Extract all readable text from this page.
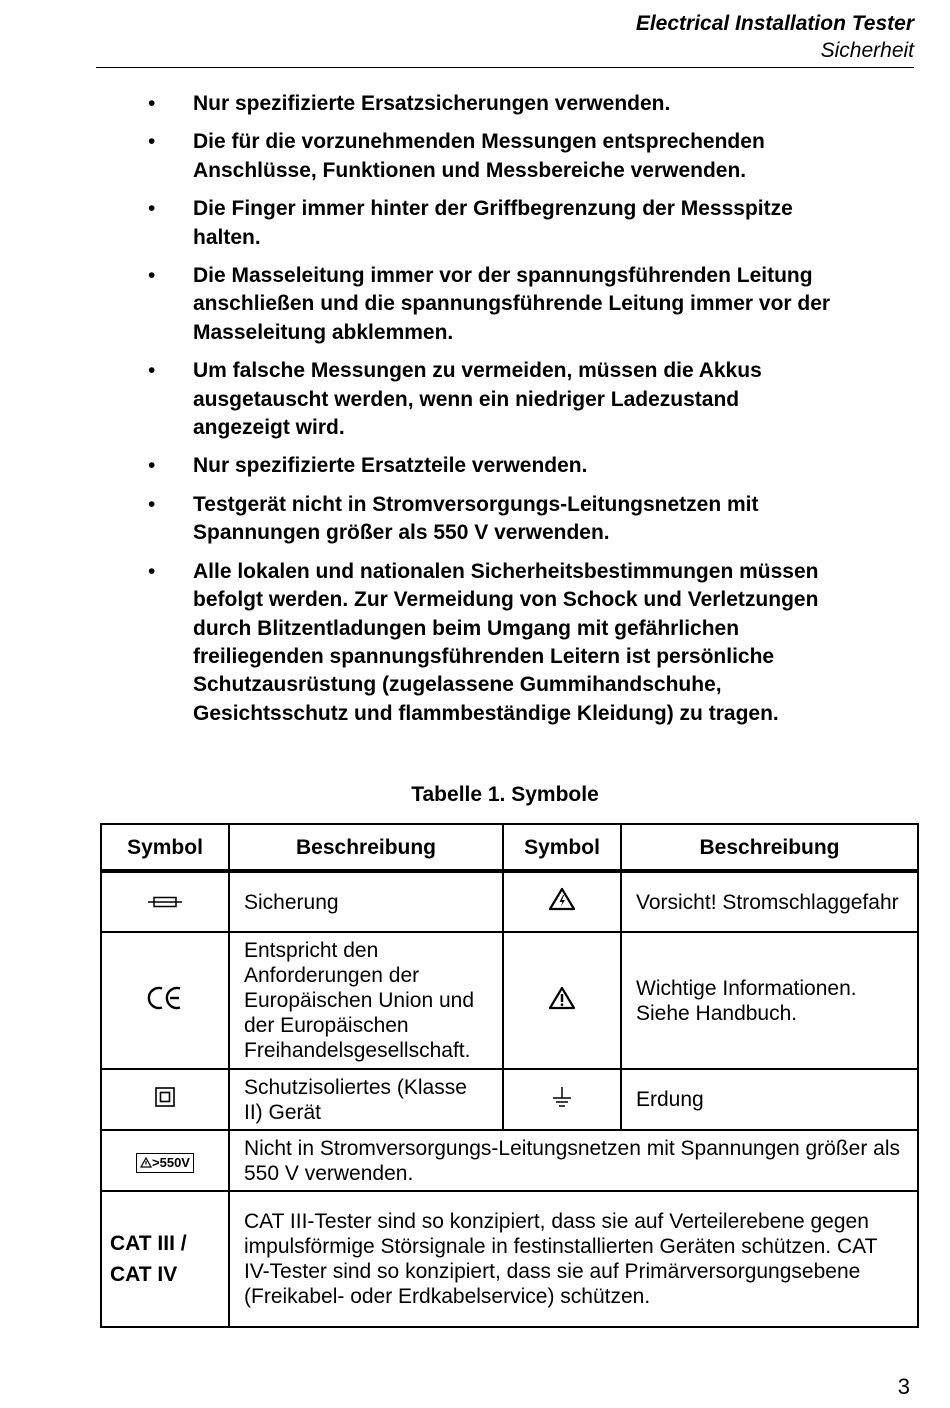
Electrical Installation Tester
Sicherheit
• Nur spezifizierte Ersatzsicherungen verwenden.
• Die für die vorzunehmenden Messungen entsprechenden Anschlüsse, Funktionen und Messbereiche verwenden.
• Die Finger immer hinter der Griffbegrenzung der Messspitze halten.
• Die Masseleitung immer vor der spannungsführenden Leitung anschließen und die spannungsführende Leitung immer vor der Masseleitung abklemmen.
• Um falsche Messungen zu vermeiden, müssen die Akkus ausgetauscht werden, wenn ein niedriger Ladezustand angezeigt wird.
• Nur spezifizierte Ersatzteile verwenden.
• Testgerät nicht in Stromversorgungs-Leitungsnetzen mit Spannungen größer als 550 V verwenden.
• Alle lokalen und nationalen Sicherheitsbestimmungen müssen befolgt werden. Zur Vermeidung von Schock und Verletzungen durch Blitzentladungen beim Umgang mit gefährlichen freiliegenden spannungsführenden Leitern ist persönliche Schutzausrüstung (zugelassene Gummihandschuhe, Gesichtsschutz und flammbeständige Kleidung) zu tragen.
Tabelle 1. Symbole
Symbol	Beschreibung	Symbol	Beschreibung
	Sicherung		Vorsicht! Stromschlaggefahr
	Entspricht den Anforderungen der Europäischen Union und der Europäischen Freihandelsgesellschaft.		Wichtige Informationen. Siehe Handbuch.
	Schutzisoliertes (Klasse II) Gerät		Erdung
>550V	Nicht in Stromversorgungs-Leitungsnetzen mit Spannungen größer als 550 V verwenden.		

CAT III /
CAT IV	CAT III-Tester sind so konzipiert, dass sie auf Verteilerebene gegen impulsförmige Störsignale in festinstallierten Geräten schützen. CAT IV-Tester sind so konzipiert, dass sie auf Primärversorgungsebene (Freikabel- oder Erdkabelservice) schützen.		
3
